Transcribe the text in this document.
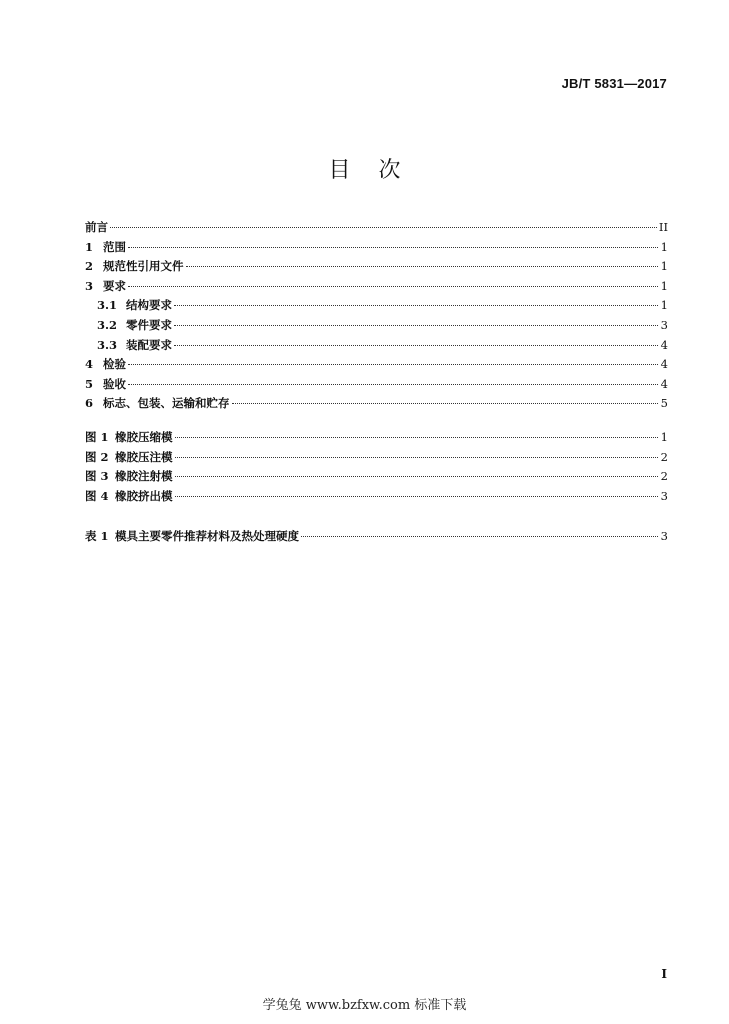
JB/T 5831—2017
目次
前言	II
1 范围	1
2 规范性引用文件	1
3 要求	1
3.1 结构要求	1
3.2 零件要求	3
3.3 装配要求	4
4 检验	4
5 验收	4
6 标志、包装、运输和贮存	5
图 1 橡胶压缩模	1
图 2 橡胶压注模	2
图 3 橡胶注射模	2
图 4 橡胶挤出模	3
表 1 模具主要零件推荐材料及热处理硬度	3
I
学兔兔 www.bzfxw.com 标准下载
